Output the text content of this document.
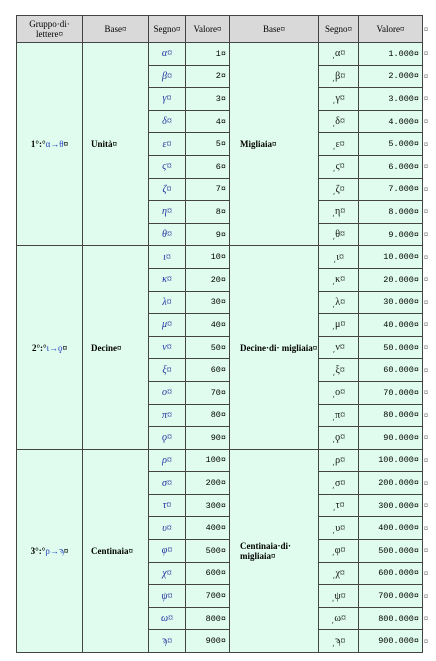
Gruppo·di· lettere¤	Base¤	Segno¤	Valore¤	Base¤	Segno¤	Valore¤	¤
1°:°α→θ¤	Unità¤	α¤	1¤	Migliaia¤	͵α¤	1.000¤	¤
		β¤	2¤		͵β¤	2.000¤	¤
		γ¤	3¤		͵γ¤	3.000¤	¤
		δ¤	4¤		͵δ¤	4.000¤	¤
		ε¤	5¤		͵ε¤	5.000¤	¤
		ϛ¤	6¤		͵ϛ¤	6.000¤	¤
		ζ¤	7¤		͵ζ¤	7.000¤	¤
		η¤	8¤		͵η¤	8.000¤	¤
		θ¤	9¤		͵θ¤	9.000¤	¤
2°:°ι→ϙ¤	Decine¤	ι¤	10¤	Decine·di· migliaia¤	͵ι¤	10.000¤	¤
		κ¤	20¤		͵κ¤	20.000¤	¤
		λ¤	30¤		͵λ¤	30.000¤	¤
		μ¤	40¤		͵μ¤	40.000¤	¤
		ν¤	50¤		͵ν¤	50.000¤	¤
		ξ¤	60¤		͵ξ¤	60.000¤	¤
		ο¤	70¤		͵ο¤	70.000¤	¤
		π¤	80¤		͵π¤	80.000¤	¤
		ϙ¤	90¤		͵ϙ¤	90.000¤	¤
3°:°ρ→ϡ¤	Centinaia¤	ρ¤	100¤	Centinaia·di· migliaia¤	͵ρ¤	100.000¤	¤
		σ¤	200¤		͵σ¤	200.000¤	¤
		τ¤	300¤		͵τ¤	300.000¤	¤
		υ¤	400¤		͵υ¤	400.000¤	¤
		φ¤	500¤		͵φ¤	500.000¤	¤
		χ¤	600¤		͵χ¤	600.000¤	¤
		ψ¤	700¤		͵ψ¤	700.000¤	¤
		ω¤	800¤		͵ω¤	800.000¤	¤
		ϡ¤	900¤		͵ϡ¤	900.000¤	¤
